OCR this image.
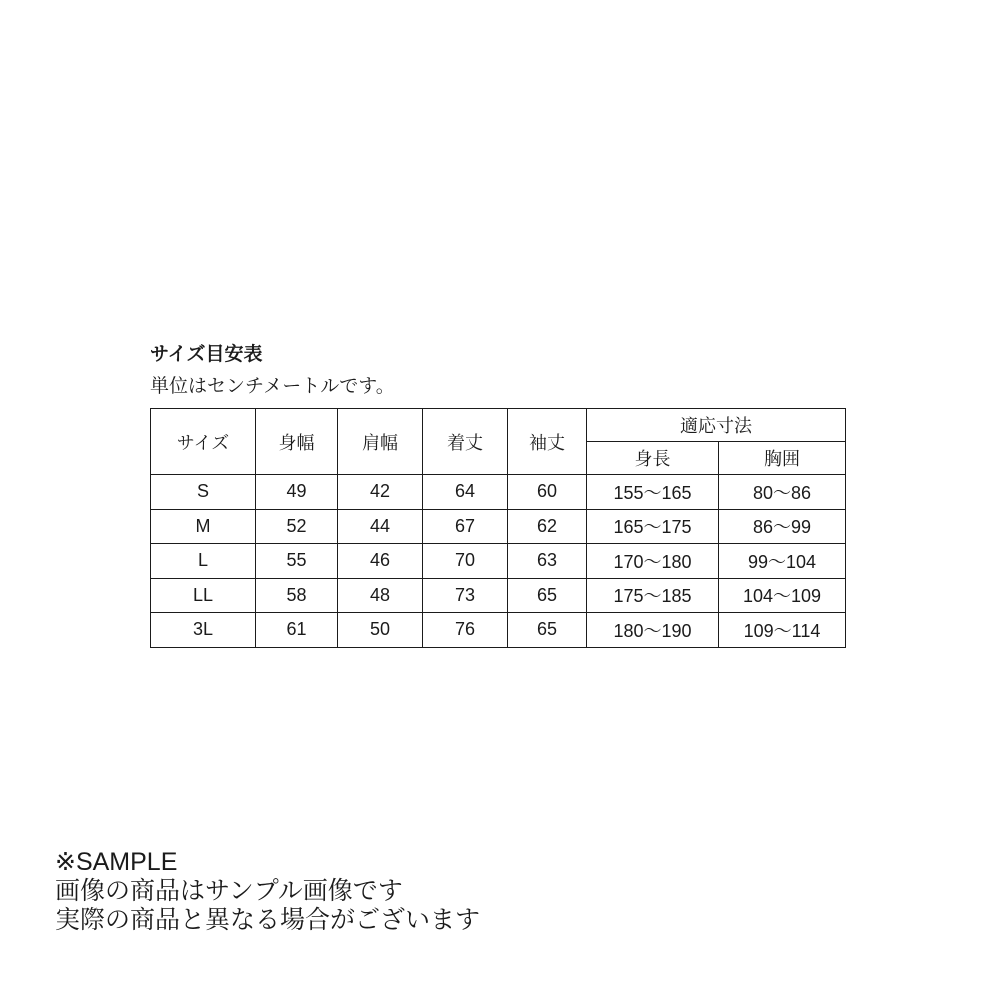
サイズ目安表

単位はセンチメートルです。

サイズ	身幅	肩幅	着丈	袖丈	適応寸法	
					身長	胸囲
S	49	42	64	60	155〜165	80〜86
M	52	44	67	62	165〜175	86〜99
L	55	46	70	63	170〜180	99〜104
LL	58	48	73	65	175〜185	104〜109
3L	61	50	76	65	180〜190	109〜114
※SAMPLE
画像の商品はサンプル画像です
実際の商品と異なる場合がございます
